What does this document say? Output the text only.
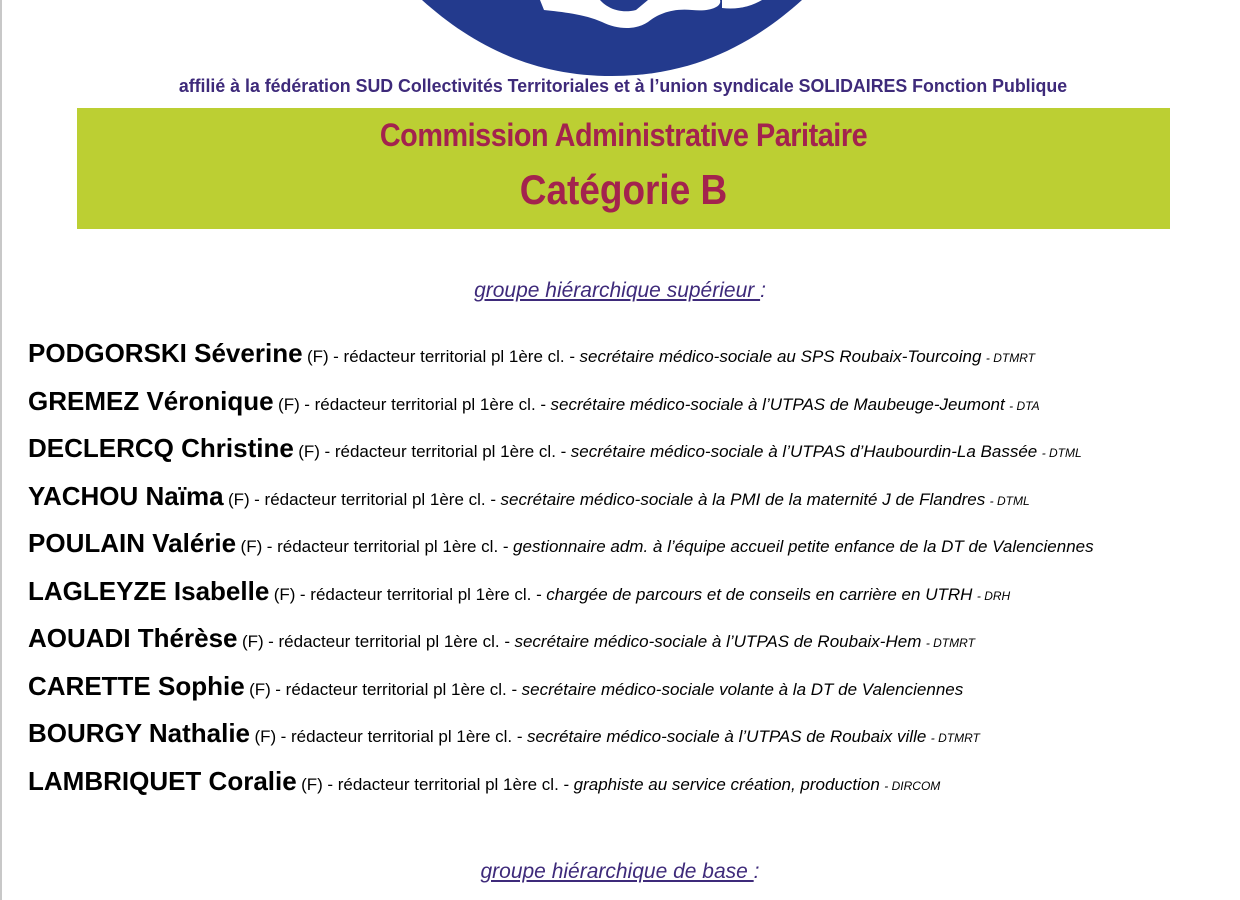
affilié à la fédération SUD Collectivités Territoriales et à l’union syndicale SOLIDAIRES Fonction Publique
Commission Administrative Paritaire
Catégorie B
groupe hiérarchique supérieur :
PODGORSKI Séverine (F) - rédacteur territorial pl 1ère cl. - secrétaire médico-sociale au SPS Roubaix-Tourcoing - DTMRT
GREMEZ Véronique (F) - rédacteur territorial pl 1ère cl. - secrétaire médico-sociale à l’UTPAS de Maubeuge-Jeumont - DTA
DECLERCQ Christine (F) - rédacteur territorial pl 1ère cl. - secrétaire médico-sociale à l’UTPAS d’Haubourdin-La Bassée - DTML
YACHOU Naïma (F) - rédacteur territorial pl 1ère cl. - secrétaire médico-sociale à la PMI de la maternité J de Flandres - DTML
POULAIN Valérie (F) - rédacteur territorial pl 1ère cl. - gestionnaire adm. à l’équipe accueil petite enfance de la DT de Valenciennes
LAGLEYZE Isabelle (F) - rédacteur territorial pl 1ère cl. - chargée de parcours et de conseils en carrière en UTRH - DRH
AOUADI Thérèse (F) - rédacteur territorial pl 1ère cl. - secrétaire médico-sociale à l’UTPAS de Roubaix-Hem - DTMRT
CARETTE Sophie (F) - rédacteur territorial pl 1ère cl. - secrétaire médico-sociale volante à la DT de Valenciennes
BOURGY Nathalie (F) - rédacteur territorial pl 1ère cl. - secrétaire médico-sociale à l’UTPAS de Roubaix ville - DTMRT
LAMBRIQUET Coralie (F) - rédacteur territorial pl 1ère cl. - graphiste au service création, production - DIRCOM
groupe hiérarchique de base :
